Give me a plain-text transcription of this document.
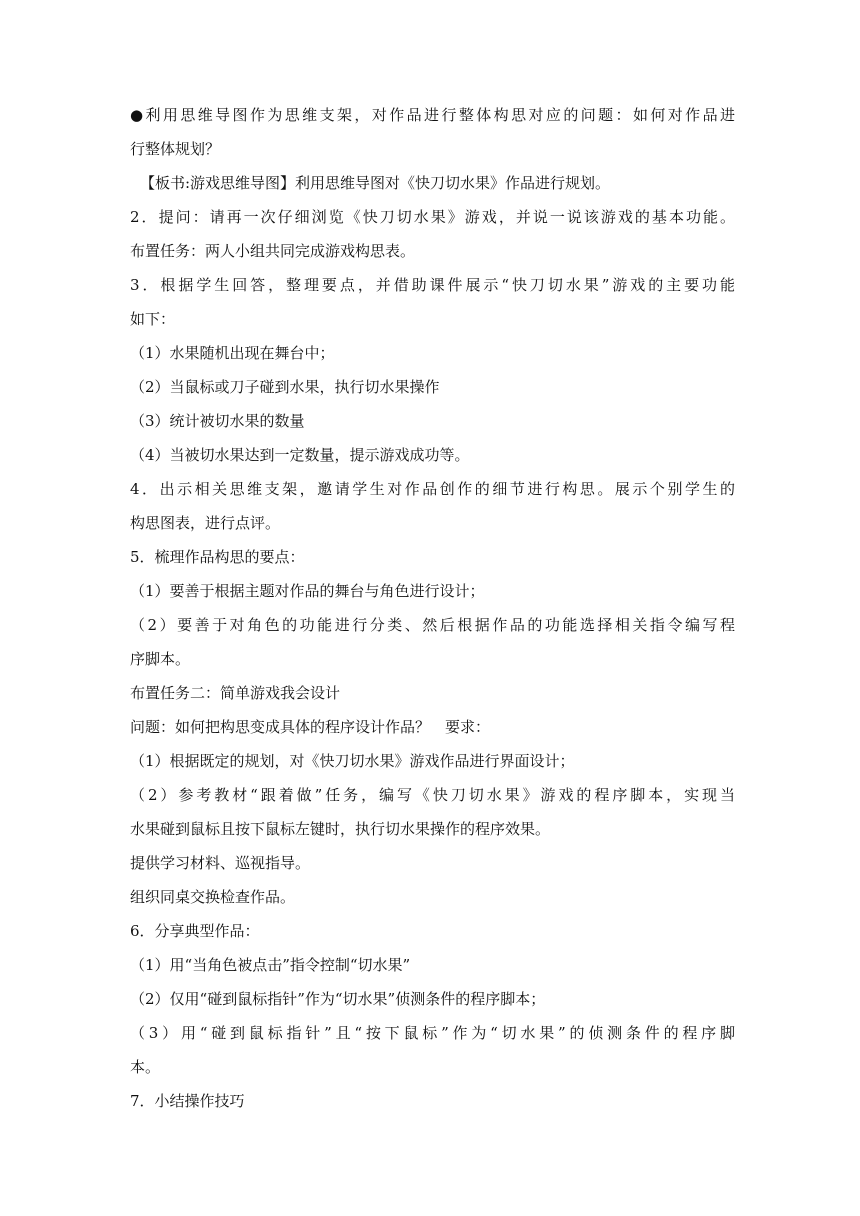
●利用思维导图作为思维支架，对作品进行整体构思对应的问题：如何对作品进

行整体规划？

【板书:游戏思维导图】利用思维导图对《快刀切水果》作品进行规划。

2．提问：请再一次仔细浏览《快刀切水果》游戏，并说一说该游戏的基本功能。

布置任务：两人小组共同完成游戏构思表。

3．根据学生回答，整理要点，并借助课件展示“快刀切水果”游戏的主要功能

如下：

（1）水果随机出现在舞台中；

（2）当鼠标或刀子碰到水果，执行切水果操作

（3）统计被切水果的数量

（4）当被切水果达到一定数量，提示游戏成功等。

4．出示相关思维支架，邀请学生对作品创作的细节进行构思。展示个别学生的

构思图表，进行点评。

5．梳理作品构思的要点：

（1）要善于根据主题对作品的舞台与角色进行设计；

（2）要善于对角色的功能进行分类、然后根据作品的功能选择相关指令编写程

序脚本。

布置任务二：简单游戏我会设计

问题：如何把构思变成具体的程序设计作品？　要求：

（1）根据既定的规划，对《快刀切水果》游戏作品进行界面设计；

（2）参考教材“跟着做”任务，编写《快刀切水果》游戏的程序脚本，实现当

水果碰到鼠标且按下鼠标左键时，执行切水果操作的程序效果。

提供学习材料、巡视指导。

组织同桌交换检查作品。

6．分享典型作品：

（1）用“当角色被点击”指令控制“切水果”

（2）仅用“碰到鼠标指针”作为“切水果”侦测条件的程序脚本；

（3）用“碰到鼠标指针”且“按下鼠标”作为“切水果”的侦测条件的程序脚

本。

7．小结操作技巧
